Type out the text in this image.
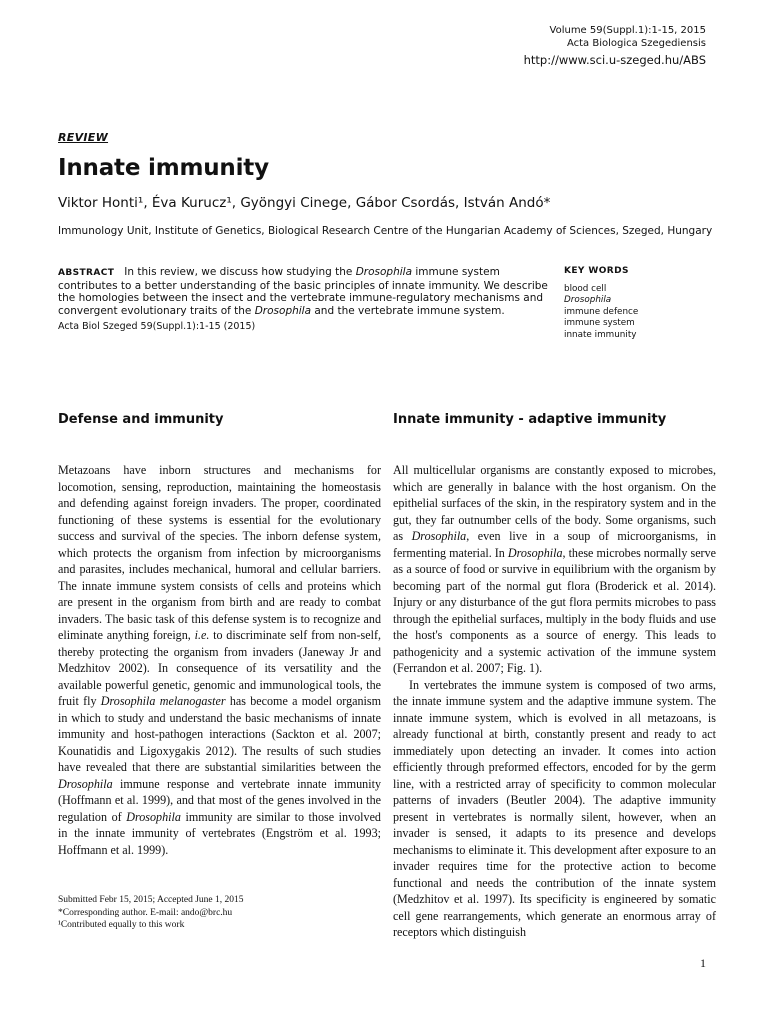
Volume 59(Suppl.1):1-15, 2015
Acta Biologica Szegediensis
http://www.sci.u-szeged.hu/ABS
REVIEW
Innate immunity
Viktor Honti¹, Éva Kurucz¹, Gyöngyi Cinege, Gábor Csordás, István Andó*
Immunology Unit, Institute of Genetics, Biological Research Centre of the Hungarian Academy of Sciences, Szeged, Hungary
ABSTRACT In this review, we discuss how studying the Drosophila immune system contributes to a better understanding of the basic principles of innate immunity. We describe the homologies between the insect and the vertebrate immune-regulatory mechanisms and convergent evolutionary traits of the Drosophila and the vertebrate immune system.
Acta Biol Szeged 59(Suppl.1):1-15 (2015)
KEY WORDS
blood cell
Drosophila
immune defence
immune system
innate immunity
Defense and immunity	Innate immunity - adaptive immunity

Metazoans have inborn structures and mechanisms for locomotion, sensing, reproduction, maintaining the homeostasis and defending against foreign invaders. The proper, coordinated functioning of these systems is essential for the evolutionary success and survival of the species. The inborn defense system, which protects the organism from infection by microorganisms and parasites, includes mechanical, humoral and cellular barriers. The innate immune system consists of cells and proteins which are present in the organism from birth and are ready to combat invaders. The basic task of this defense system is to recognize and eliminate anything foreign, i.e. to discriminate self from non-self, thereby protecting the organism from invaders (Janeway Jr and Medzhitov 2002). In consequence of its versatility and the available powerful genetic, genomic and immunological tools, the fruit fly Drosophila melanogaster has become a model organism in which to study and understand the basic mechanisms of innate immunity and host-pathogen interactions (Sackton et al. 2007; Kounatidis and Ligoxygakis 2012). The results of such studies have revealed that there are substantial similarities between the Drosophila immune response and vertebrate innate immunity (Hoffmann et al. 1999), and that most of the genes involved in the regulation of Drosophila immunity are similar to those involved in the innate immunity of vertebrates (Engström et al. 1993; Hoffmann et al. 1999).

All multicellular organisms are constantly exposed to microbes, which are generally in balance with the host organism. On the epithelial surfaces of the skin, in the respiratory system and in the gut, they far outnumber cells of the body. Some organisms, such as Drosophila, even live in a soup of microorganisms, in fermenting material. In Drosophila, these microbes normally serve as a source of food or survive in equilibrium with the organism by becoming part of the normal gut flora (Broderick et al. 2014). Injury or any disturbance of the gut flora permits microbes to pass through the epithelial surfaces, multiply in the body fluids and use the host's components as a source of energy. This leads to pathogenicity and a systemic activation of the immune system (Ferrandon et al. 2007; Fig. 1).

In vertebrates the immune system is composed of two arms, the innate immune system and the adaptive immune system. The innate immune system, which is evolved in all metazoans, is already functional at birth, constantly present and ready to act immediately upon detecting an invader. It comes into action efficiently through preformed effectors, encoded for by the germ line, with a restricted array of specificity to common molecular patterns of invaders (Beutler 2004). The adaptive immunity present in vertebrates is normally silent, however, when an invader is sensed, it adapts to its presence and develops mechanisms to eliminate it. This development after exposure to an invader requires time for the protective action to become functional and needs the contribution of the innate system (Medzhitov et al. 1997). Its specificity is engineered by somatic cell gene rearrangements, which generate an enormous array of receptors which distinguish

Submitted Febr 15, 2015; Accepted June 1, 2015
*Corresponding author. E-mail: ando@brc.hu
¹Contributed equally to this work
1
